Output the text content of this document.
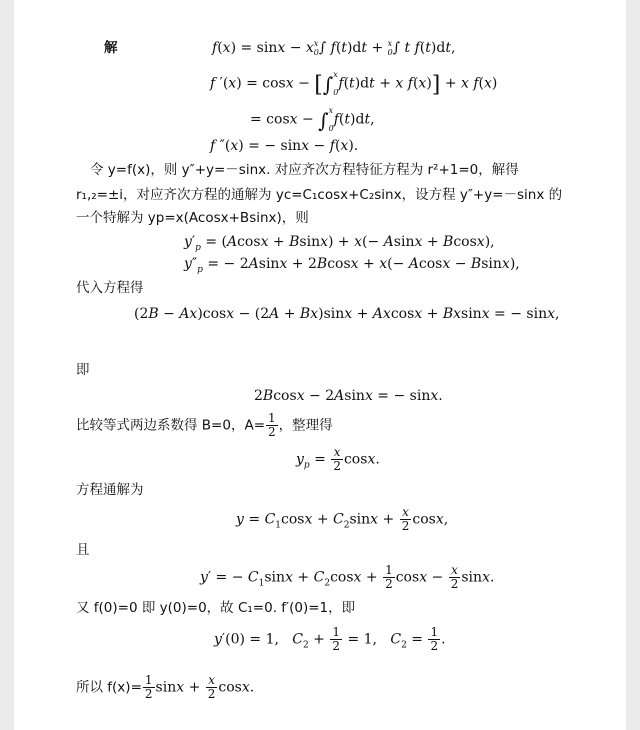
解	f(x) = sinx − xx
0∫ f(t)dt + x
0∫ t f(t)dt,
f ′(x) = cosx − [∫x

0f(t)dt + x f(x)] + x f(x)
= cosx − ∫x

0f(t)dt,
f ″(x) = − sinx − f(x).
令 y=f(x)，则 y″+y=－sinx. 对应齐次方程特征方程为 r²+1=0，解得
r₁,₂=±i，对应齐次方程的通解为 yc=C₁cosx+C₂sinx，设方程 y″+y=－sinx 的
一个特解为 yp=x(Acosx+Bsinx)，则
$y'_p = (Acosx + Bsinx) + x(- Asinx + Bcosx)$,
$y''_p$ = − 2Asinx + 2Bcosx + x(− Acosx − Bsinx),
代入方程得
(2B − Ax)cosx − (2A + Bx)sinx + Axcosx + Bxsinx = − sinx,
即
2Bcosx − 2Asinx = − sinx.
比较等式两边系数得 B=0，$A= \frac{1}{2}$ ，整理得
$y_p = \frac{x}{2} \cos x$.
方程通解为
$y = C_1\cos x + C_2\sin x + \frac{x}{2} \cos x$,
且
y′ = − $C_1\sin x + C_2\cos x + \frac{1}{2}$ $\cos x - \frac{x}{2} \sin x$.
又 f(0)=0 即 y(0)=0，故 C₁=0. f′(0)=1，即
y′(0) = 1,   $C_2 + \frac{1}{2} = 1$,   $C_2 = \frac{1}{2}$ .
所以 $f(x)= \frac{1}{2}$ $\sin x + \frac{x}{2} \cos x$.
